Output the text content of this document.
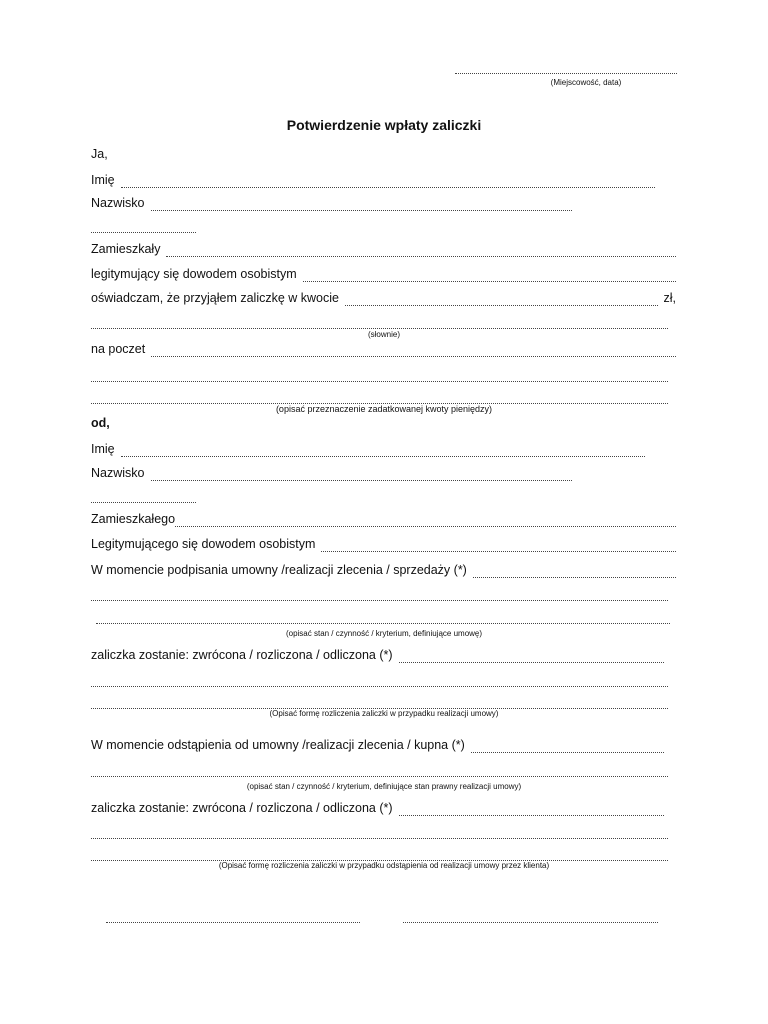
(Miejscowość, data)
Potwierdzenie wpłaty zaliczki
Ja,
Imię
Nazwisko
Zamieszkały
legitymujący się dowodem osobistym
oświadczam, że przyjąłem zaliczkę w kwocie	zł,
(słownie)
na poczet
(opisać przeznaczenie zadatkowanej kwoty pieniędzy)
od,
Imię
Nazwisko
Zamieszkałego
Legitymującego się dowodem osobistym
W momencie podpisania umowny /realizacji zlecenia / sprzedaży (*)
(opisać stan / czynność / kryterium, definiujące umowę)
zaliczka zostanie: zwrócona / rozliczona / odliczona (*)
(Opisać formę rozliczenia zaliczki w przypadku realizacji umowy)
W momencie odstąpienia od umowny /realizacji zlecenia / kupna (*)
(opisać stan / czynność / kryterium, definiujące stan prawny realizacji umowy)
zaliczka zostanie: zwrócona / rozliczona / odliczona (*)
(Opisać formę rozliczenia zaliczki w przypadku odstąpienia od realizacji umowy przez klienta)
